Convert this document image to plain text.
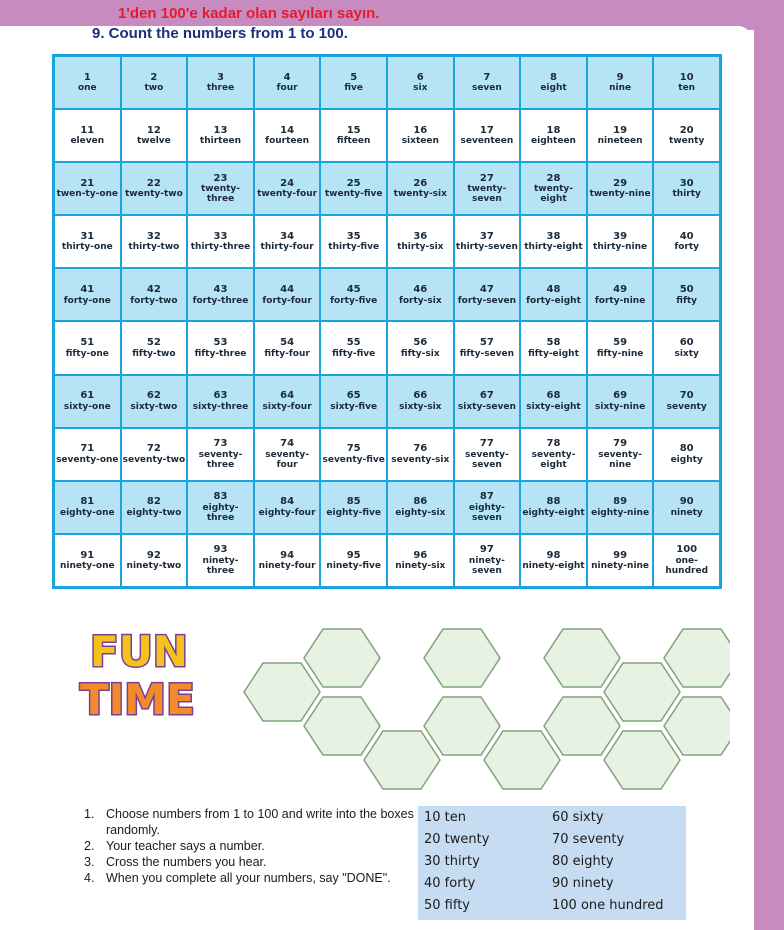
1'den 100'e kadar olan sayıları sayın.
9. Count the numbers from 1 to 100.
1
one
2
two
3
three
4
four
5
five
6
six
7
seven
8
eight
9
nine
10
ten
11
eleven
12
twelve
13
thirteen
14
fourteen
15
fifteen
16
sixteen
17
seventeen
18
eighteen
19
nineteen
20
twenty
21
twen-ty-one
22
twenty-two
23
twenty-three
24
twenty-four
25
twenty-five
26
twenty-six
27
twenty-seven
28
twenty-eight
29
twenty-nine
30
thirty
31
thirty-one
32
thirty-two
33
thirty-three
34
thirty-four
35
thirty-five
36
thirty-six
37
thirty-seven
38
thirty-eight
39
thirty-nine
40
forty
41
forty-one
42
forty-two
43
forty-three
44
forty-four
45
forty-five
46
forty-six
47
forty-seven
48
forty-eight
49
forty-nine
50
fifty
51
fifty-one
52
fifty-two
53
fifty-three
54
fifty-four
55
fifty-five
56
fifty-six
57
fifty-seven
58
fifty-eight
59
fifty-nine
60
sixty
61
sixty-one
62
sixty-two
63
sixty-three
64
sixty-four
65
sixty-five
66
sixty-six
67
sixty-seven
68
sixty-eight
69
sixty-nine
70
seventy
71
seventy-one
72
seventy-two
73
seventy-three
74
seventy-four
75
seventy-five
76
seventy-six
77
seventy-seven
78
seventy-eight
79
seventy-nine
80
eighty
81
eighty-one
82
eighty-two
83
eighty-three
84
eighty-four
85
eighty-five
86
eighty-six
87
eighty-seven
88
eighty-eight
89
eighty-nine
90
ninety
91
ninety-one
92
ninety-two
93
ninety-three
94
ninety-four
95
ninety-five
96
ninety-six
97
ninety-seven
98
ninety-eight
99
ninety-nine
100
one-hundred
FUN
TIME
1. Choose numbers from 1 to 100 and write into the boxes randomly.
2. Your teacher says a number.
3. Cross the numbers you hear.
4. When you complete all your numbers, say "DONE".
10 ten
20 twenty
30 thirty
40 forty
50 fifty
60 sixty
70 seventy
80 eighty
90 ninety
100 one hundred
